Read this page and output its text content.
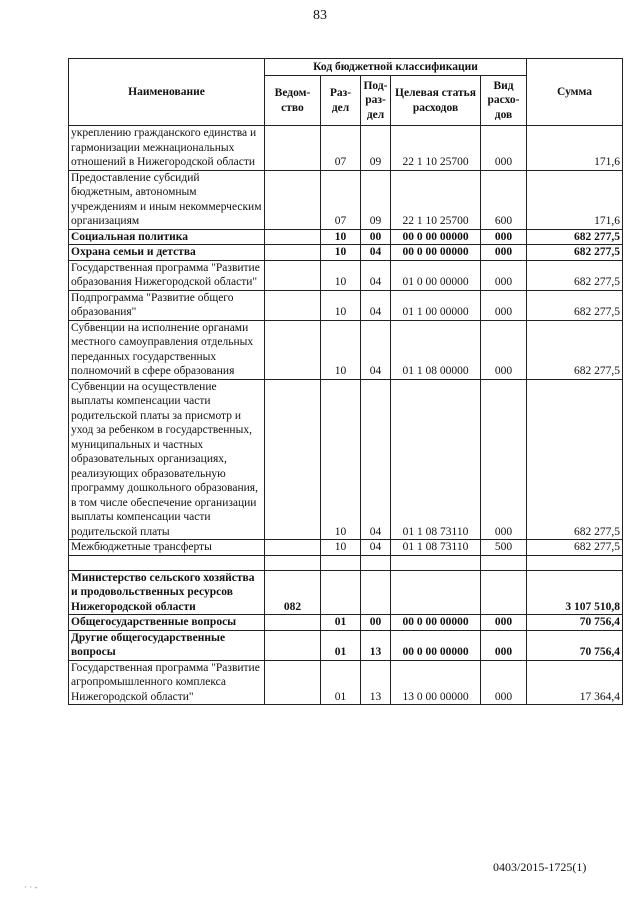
83
Наименование	Код бюджетной классификации					Сумма
	Ведом-ство	Раз-дел	Под-раз-дел	Целевая статья расходов	Вид расхо-дов	
укреплению гражданского единства и гармонизации межнациональных отношений в Нижегородской области		07	09	22 1 10 25700	000	171,6
Предоставление субсидий бюджетным, автономным учреждениям и иным некоммерческим организациям		07	09	22 1 10 25700	600	171,6
Социальная политика		10	00	00 0 00 00000	000	682 277,5
Охрана семьи и детства		10	04	00 0 00 00000	000	682 277,5
Государственная программа "Развитие образования Нижегородской области"		10	04	01 0 00 00000	000	682 277,5
Подпрограмма "Развитие общего образования"		10	04	01 1 00 00000	000	682 277,5
Субвенции на исполнение органами местного самоуправления отдельных переданных государственных полномочий в сфере образования		10	04	01 1 08 00000	000	682 277,5
Субвенции на осуществление выплаты компенсации части родительской платы за присмотр и уход за ребенком в государственных, муниципальных и частных образовательных организациях, реализующих образовательную программу дошкольного образования, в том числе обеспечение организации выплаты компенсации части родительской платы		10	04	01 1 08 73110	000	682 277,5
Межбюджетные трансферты		10	04	01 1 08 73110	500	682 277,5

Министерство сельского хозяйства и продовольственных ресурсов Нижегородской области	082					3 107 510,8
Общегосударственные вопросы		01	00	00 0 00 00000	000	70 756,4
Другие общегосударственные вопросы		01	13	00 0 00 00000	000	70 756,4
Государственная программа "Развитие агропромышленного комплекса Нижегородской области"		01	13	13 0 00 00000	000	17 364,4
0403/2015-1725(1)
· · -
